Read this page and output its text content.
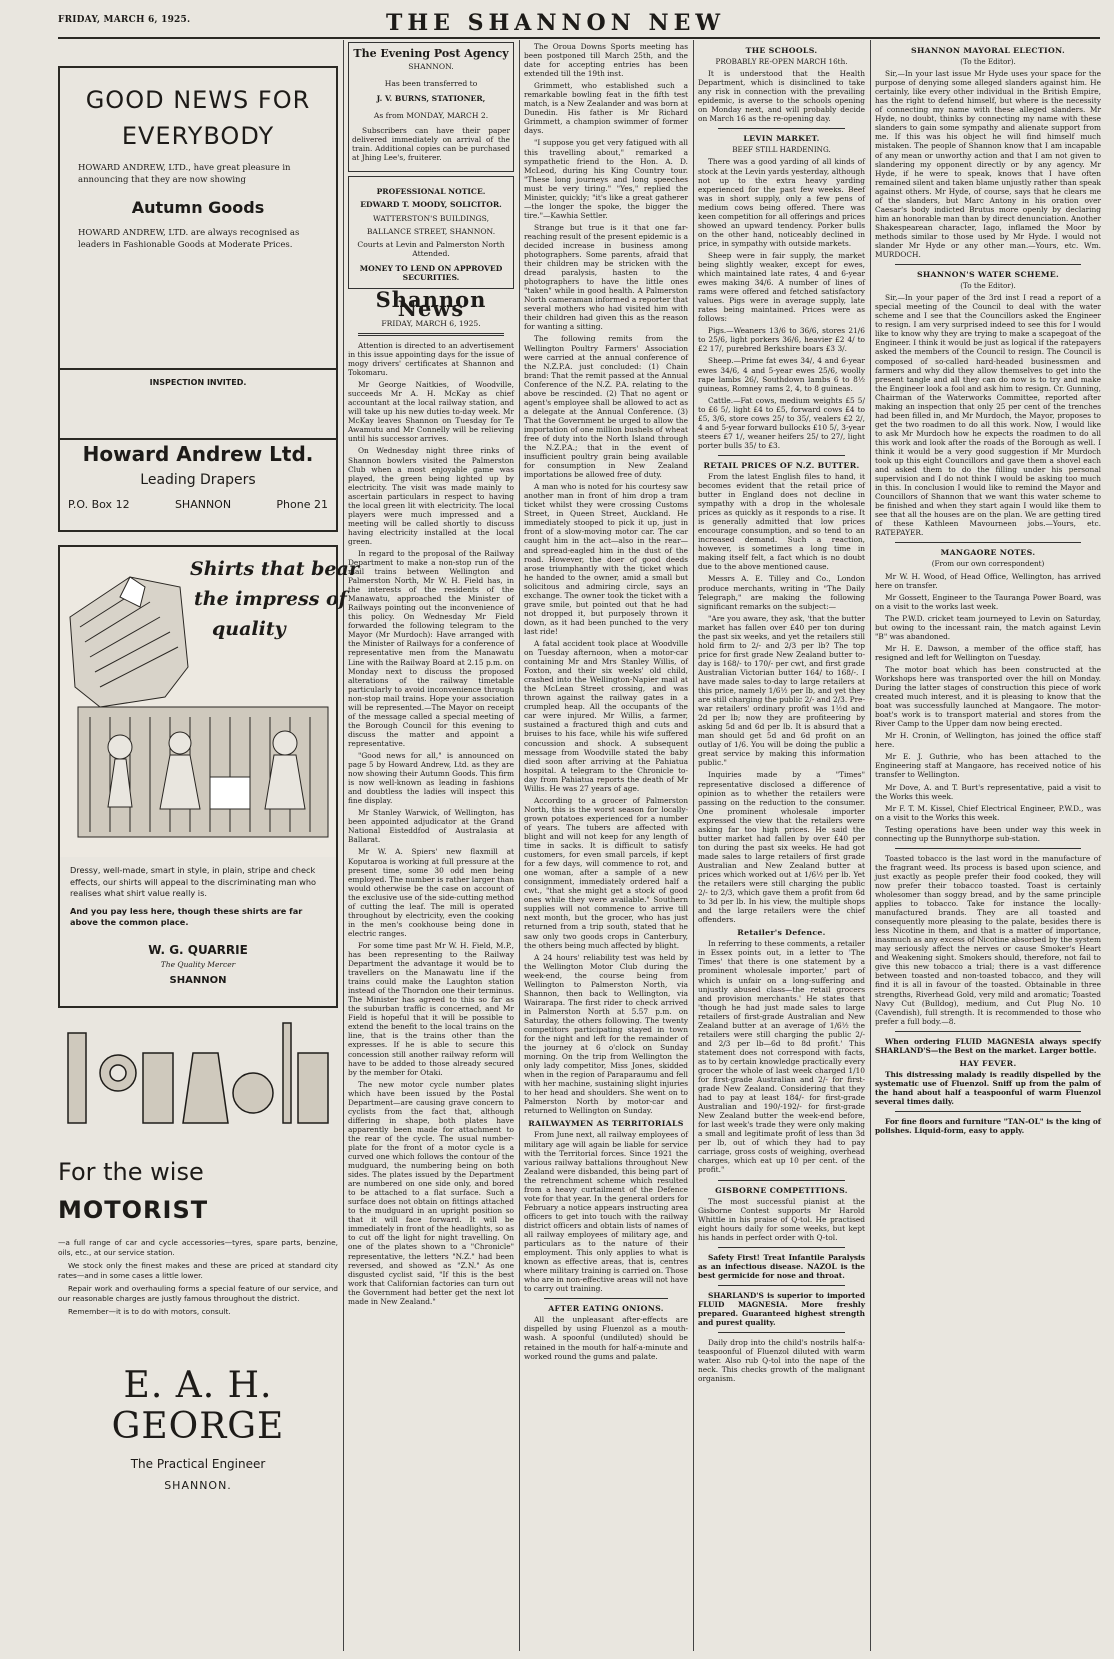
FRIDAY, MARCH 6, 1925.	THE SHANNON NEW
GOOD NEWS FOR
EVERYBODY
HOWARD ANDREW, LTD., have great pleasure in announcing that they are now showing
Autumn Goods
HOWARD ANDREW, LTD. are always recognised as leaders in Fashionable Goods at Moderate Prices.
INSPECTION INVITED.
Howard Andrew Ltd.
Leading Drapers
P.O. Box 12	SHANNON	Phone 21
Shirts that bear
the impress of
quality
Dressy, well-made, smart in style, in plain, stripe and check effects, our shirts will appeal to the discriminating man who realises what shirt value really is.
And you pay less here, though these shirts are far above the common place.
W. G. QUARRIE
The Quality Mercer
SHANNON
For the wise
MOTORIST

—a full range of car and cycle accessories—tyres, spare parts, benzine, oils, etc., at our service station.

We stock only the finest makes and these are priced at standard city rates—and in some cases a little lower.

Repair work and overhauling forms a special feature of our service, and our reasonable charges are justly famous throughout the district.

Remember—it is to do with motors, consult.

E. A. H. GEORGE
The Practical Engineer
SHANNON.
The Evening Post Agency
SHANNON.
Has been transferred to
J. V. BURNS, STATIONER,
As from MONDAY, MARCH 2.

Subscribers can have their paper delivered immediately on arrival of the train. Additional copies can be purchased at Jhing Lee's, fruiterer.

PROFESSIONAL NOTICE.
EDWARD T. MOODY, SOLICITOR.
WATTERSTON'S BUILDINGS,
BALLANCE STREET, SHANNON.
Courts at Levin and Palmerston North Attended.
MONEY TO LEND ON APPROVED SECURITIES.
Shannon News
FRIDAY, MARCH 6, 1925.

Attention is directed to an advertisement in this issue appointing days for the issue of mogy drivers' certificates at Shannon and Tokomaru.

Mr George Naitkies, of Woodville, succeeds Mr A. H. McKay as chief accountant at the local railway station, and will take up his new duties to-day week. Mr McKay leaves Shannon on Tuesday for Te Awamutu and Mr Connelly will be relieving until his successor arrives.

On Wednesday night three rinks of Shannon bowlers visited the Palmerston Club when a most enjoyable game was played, the green being lighted up by electricity. The visit was made mainly to ascertain particulars in respect to having the local green lit with electricity. The local players were much impressed and a meeting will be called shortly to discuss having electricity installed at the local green.

In regard to the proposal of the Railway Department to make a non-stop run of the mail trains between Wellington and Palmerston North, Mr W. H. Field has, in the interests of the residents of the Manawatu, approached the Minister of Railways pointing out the inconvenience of this policy. On Wednesday Mr Field forwarded the following telegram to the Mayor (Mr Murdoch): Have arranged with the Minister of Railways for a conference of representative men from the Manawatu Line with the Railway Board at 2.15 p.m. on Monday next to discuss the proposed alterations of the railway timetable particularly to avoid inconvenience through non-stop mail trains. Hope your association will be represented.—The Mayor on receipt of the message called a special meeting of the Borough Council for this evening to discuss the matter and appoint a representative.

"Good news for all," is announced on page 5 by Howard Andrew, Ltd. as they are now showing their Autumn Goods. This firm is now well-known as leading in fashions and doubtless the ladies will inspect this fine display.

Mr Stanley Warwick, of Wellington, has been appointed adjudicator at the Grand National Eisteddfod of Australasia at Ballarat.

Mr W. A. Spiers' new flaxmill at Koputaroa is working at full pressure at the present time, some 30 odd men being employed. The number is rather larger than would otherwise be the case on account of the exclusive use of the side-cutting method of cutting the leaf. The mill is operated throughout by electricity, even the cooking in the men's cookhouse being done in electric ranges.

For some time past Mr W. H. Field, M.P., has been representing to the Railway Department the advantage it would be to travellers on the Manawatu line if the trains could make the Laughton station instead of the Thorndon one their terminus. The Minister has agreed to this so far as the suburban traffic is concerned, and Mr Field is hopeful that it will be possible to extend the benefit to the local trains on the line, that is the trains other than the expresses. If he is able to secure this concession still another railway reform will have to be added to those already secured by the member for Otaki.

The new motor cycle number plates which have been issued by the Postal Department—are causing grave concern to cyclists from the fact that, although differing in shape, both plates have apparently been made for attachment to the rear of the cycle. The usual number-plate for the front of a motor cycle is a curved one which follows the contour of the mudguard, the numbering being on both sides. The plates issued by the Department are numbered on one side only, and bored to be attached to a flat surface. Such a surface does not obtain on fittings attached to the mudguard in an upright position so that it will face forward. It will be immediately in front of the headlights, so as to cut off the light for night travelling. On one of the plates shown to a "Chronicle" representative, the letters "N.Z." had been reversed, and showed as "Z.N." As one disgusted cyclist said, "If this is the best work that Californian factories can turn out the Government had better get the next lot made in New Zealand."

The Oroua Downs Sports meeting has been postponed till March 25th, and the date for accepting entries has been extended till the 19th inst.

Grimmett, who established such a remarkable bowling feat in the fifth test match, is a New Zealander and was born at Dunedin. His father is Mr Richard Grimmett, a champion swimmer of former days.

"I suppose you get very fatigued with all this travelling about," remarked a sympathetic friend to the Hon. A. D. McLeod, during his King Country tour. "These long journeys and long speeches must be very tiring." "Yes," replied the Minister, quickly; "it's like a great gatherer—the longer the spoke, the bigger the tire."—Kawhia Settler.

Strange but true is it that one far-reaching result of the present epidemic is a decided increase in business among photographers. Some parents, afraid that their children may be stricken with the dread paralysis, hasten to the photographers to have the little ones "taken" while in good health. A Palmerston North cameraman informed a reporter that several mothers who had visited him with their children had given this as the reason for wanting a sitting.

The following remits from the Wellington Poultry Farmers' Association were carried at the annual conference of the N.Z.P.A. just concluded: (1) Chain brand: That the remit passed at the Annual Conference of the N.Z. P.A. relating to the above be rescinded. (2) That no agent or agent's employee shall be allowed to act as a delegate at the Annual Conference. (3) That the Government be urged to allow the importation of one million bushels of wheat free of duty into the North Island through the N.Z.P.A.; that in the event of insufficient poultry grain being available for consumption in New Zealand importations be allowed free of duty.

A man who is noted for his courtesy saw another man in front of him drop a tram ticket whilst they were crossing Customs Street, in Queen Street, Auckland. He immediately stooped to pick it up, just in front of a slow-moving motor car. The car caught him in the act—also in the rear—and spread-eagled him in the dust of the road. However, the doer of good deeds arose triumphantly with the ticket which he handed to the owner, amid a small but solicitous and admiring circle, says an exchange. The owner took the ticket with a grave smile, but pointed out that he had not dropped it, but purposely thrown it down, as it had been punched to the very last ride!

A fatal accident took place at Woodville on Tuesday afternoon, when a motor-car containing Mr and Mrs Stanley Willis, of Foxton, and their six weeks' old child, crashed into the Wellington-Napier mail at the McLean Street crossing, and was thrown against the railway gates in a crumpled heap. All the occupants of the car were injured. Mr Willis, a farmer, sustained a fractured thigh and cuts and bruises to his face, while his wife suffered concussion and shock. A subsequent message from Woodville stated the baby died soon after arriving at the Pahiatua hospital. A telegram to the Chronicle to-day from Pahiatua reports the death of Mr Willis. He was 27 years of age.

According to a grocer of Palmerston North, this is the worst season for locally-grown potatoes experienced for a number of years. The tubers are affected with blight and will not keep for any length of time in sacks. It is difficult to satisfy customers, for even small parcels, if kept for a few days, will commence to rot, and one woman, after a sample of a new consignment, immediately ordered half a cwt., "that she might get a stock of good ones while they were available." Southern supplies will not commence to arrive till next month, but the grocer, who has just returned from a trip south, stated that he saw only two goods crops in Canterbury, the others being much affected by blight.

A 24 hours' reliability test was held by the Wellington Motor Club during the week-end, the course being from Wellington to Palmerston North, via Shannon, then back to Wellington, via Wairarapa. The first rider to check arrived in Palmerston North at 5.57 p.m. on Saturday, the others following. The twenty competitors participating stayed in town for the night and left for the remainder of the journey at 6 o'clock on Sunday morning. On the trip from Wellington the only lady competitor, Miss Jones, skidded when in the region of Paraparaumu and fell with her machine, sustaining slight injuries to her head and shoulders. She went on to Palmerston North by motor-car and returned to Wellington on Sunday.

RAILWAYMEN AS TERRITORIALS

From June next, all railway employees of military age will again be liable for service with the Territorial forces. Since 1921 the various railway battalions throughout New Zealand were disbanded, this being part of the retrenchment scheme which resulted from a heavy curtailment of the Defence vote for that year. In the general orders for February a notice appears instructing area officers to get into touch with the railway district officers and obtain lists of names of all railway employees of military age, and particulars as to the nature of their employment. This only applies to what is known as effective areas, that is, centres where military training is carried on. Those who are in non-effective areas will not have to carry out training.

AFTER EATING ONIONS.

All the unpleasant after-effects are dispelled by using Fluenzol as a mouth-wash. A spoonful (undiluted) should be retained in the mouth for half-a-minute and worked round the gums and palate.

THE SCHOOLS.
PROBABLY RE-OPEN MARCH 16th.

It is understood that the Health Department, which is disinclined to take any risk in connection with the prevailing epidemic, is averse to the schools opening on Monday next, and will probably decide on March 16 as the re-opening day.

LEVIN MARKET.
BEEF STILL HARDENING.

There was a good yarding of all kinds of stock at the Levin yards yesterday, although not up to the extra heavy yarding experienced for the past few weeks. Beef was in short supply, only a few pens of medium cows being offered. There was keen competition for all offerings and prices showed an upward tendency. Porker bulls on the other hand, noticeably declined in price, in sympathy with outside markets.

Sheep were in fair supply, the market being slightly weaker, except for ewes, which maintained late rates, 4 and 6-year ewes making 34/6. A number of lines of rams were offered and fetched satisfactory values. Pigs were in average supply, late rates being maintained. Prices were as follows:

Pigs.—Weaners 13/6 to 36/6, stores 21/6 to 25/6, light porkers 36/6, heavier £2 4/ to £2 17/, purebred Berkshire boars £3 3/.

Sheep.—Prime fat ewes 34/, 4 and 6-year ewes 34/6, 4 and 5-year ewes 25/6, woolly rape lambs 26/, Southdown lambs 6 to 8½ guineas, Romney rams 2, 4, to 8 guineas.

Cattle.—Fat cows, medium weights £5 5/ to £6 5/, light £4 to £5, forward cows £4 to £5, 3/6, store cows 25/ to 35/, vealers £2 2/, 4 and 5-year forward bullocks £10 5/, 3-year steers £7 1/, weaner heifers 25/ to 27/, light porter bulls 35/ to £3.

RETAIL PRICES OF N.Z. BUTTER.

From the latest English files to hand, it becomes evident that the retail price of butter in England does not decline in sympathy with a drop in the wholesale prices as quickly as it responds to a rise. It is generally admitted that low prices encourage consumption, and so tend to an increased demand. Such a reaction, however, is sometimes a long time in making itself felt, a fact which is no doubt due to the above mentioned cause.

Messrs A. E. Tilley and Co., London produce merchants, writing in "The Daily Telegraph," are making the following significant remarks on the subject:—

"Are you aware, they ask, 'that the butter market has fallen over £40 per ton during the past six weeks, and yet the retailers still hold firm to 2/- and 2/3 per lb? The top price for first grade New Zealand butter to-day is 168/- to 170/- per cwt, and first grade Australian Victorian butter 164/ to 168/-. I have made sales to-day to large retailers at this price, namely 1/6½ per lb, and yet they are still charging the public 2/- and 2/3. Pre-war retailers' ordinary profit was 1½d and 2d per lb; now they are profiteering by asking 5d and 6d per lb. It is absurd that a man should get 5d and 6d profit on an outlay of 1/6. You will be doing the public a great service by making this information public."

Inquiries made by a "Times" representative disclosed a difference of opinion as to whether the retailers were passing on the reduction to the consumer. One prominent wholesale importer expressed the view that the retailers were asking far too high prices. He said the butter market had fallen by over £40 per ton during the past six weeks. He had got made sales to large retailers of first grade Australian and New Zealand butter at prices which worked out at 1/6½ per lb. Yet the retailers were still charging the public 2/- to 2/3, which gave them a profit from 6d to 3d per lb. In his view, the multiple shops and the large retailers were the chief offenders.

Retailer's Defence.

In referring to these comments, a retailer in Essex points out, in a letter to 'The Times' that there is one statement by a prominent wholesale importer,' part of which is unfair on a long-suffering and unjustly abused class—the retail grocers and provision merchants.' He states that 'though he had just made sales to large retailers of first-grade Australian and New Zealand butter at an average of 1/6½ the retailers were still charging the public 2/- and 2/3 per lb—6d to 8d profit.' This statement does not correspond with facts, as to by certain knowledge practically every grocer the whole of last week charged 1/10 for first-grade Australian and 2/- for first-grade New Zealand. Considering that they had to pay at least 184/- for first-grade Australian and 190/-192/- for first-grade New Zealand butter the week-end before, for last week's trade they were only making a small and legitimate profit of less than 3d per lb, out of which they had to pay carriage, gross costs of weighing, overhead charges, which eat up 10 per cent. of the profit."

GISBORNE COMPETITIONS.

The most successful pianist at the Gisborne Contest supports Mr Harold Whittle in his praise of Q-tol. He practised eight hours daily for some weeks, but kept his hands in perfect order with Q-tol.

Safety First! Treat Infantile Paralysis as an infectious disease. NAZOL is the best germicide for nose and throat.

SHARLAND'S is superior to imported FLUID MAGNESIA. More freshly prepared. Guaranteed highest strength and purest quality.

Daily drop into the child's nostrils half-a-teaspoonful of Fluenzol diluted with warm water. Also rub Q-tol into the nape of the neck. This checks growth of the malignant organism.

SHANNON MAYORAL ELECTION.
(To the Editor).

Sir,—In your last issue Mr Hyde uses your space for the purpose of denying some alleged slanders against him. He certainly, like every other individual in the British Empire, has the right to defend himself, but where is the necessity of connecting my name with these alleged slanders. Mr Hyde, no doubt, thinks by connecting my name with these slanders to gain some sympathy and alienate support from me. If this was his object he will find himself much mistaken. The people of Shannon know that I am incapable of any mean or unworthy action and that I am not given to slandering my opponent directly or by any agency. Mr Hyde, if he were to speak, knows that I have often remained silent and taken blame unjustly rather than speak against others. Mr Hyde, of course, says that he clears me of the slanders, but Marc Antony in his oration over Caesar's body indicted Brutus more openly by declaring him an honorable man than by direct denunciation. Another Shakespearean character, Iago, inflamed the Moor by methods similar to those used by Mr Hyde. I would not slander Mr Hyde or any other man.—Yours, etc. Wm. MURDOCH.

SHANNON'S WATER SCHEME.
(To the Editor).

Sir,—In your paper of the 3rd inst I read a report of a special meeting of the Council to deal with the water scheme and I see that the Councillors asked the Engineer to resign. I am very surprised indeed to see this for I would like to know why they are trying to make a scapegoat of the Engineer. I think it would be just as logical if the ratepayers asked the members of the Council to resign. The Council is composed of so-called hard-headed businessmen and farmers and why did they allow themselves to get into the present tangle and all they can do now is to try and make the Engineer look a fool and ask him to resign. Cr. Gunning, Chairman of the Waterworks Committee, reported after making an inspection that only 25 per cent of the trenches had been filled in, and Mr Murdoch, the Mayor, proposes to get the two roadmen to do all this work. Now, I would like to ask Mr Murdoch how he expects the roadmen to do all this work and look after the roads of the Borough as well. I think it would be a very good suggestion if Mr Murdoch took up this eight Councillors and gave them a shovel each and asked them to do the filling under his personal supervision and I do not think I would be asking too much in this. In conclusion I would like to remind the Mayor and Councillors of Shannon that we want this water scheme to be finished and when they start again I would like them to see that all the houses are on the plan. We are getting tired of these Kathleen Mavourneen jobs.—Yours, etc. RATEPAYER.

MANGAORE NOTES.
(From our own correspondent)

Mr W. H. Wood, of Head Office, Wellington, has arrived here on transfer.

Mr Gossett, Engineer to the Tauranga Power Board, was on a visit to the works last week.

The P.W.D. cricket team journeyed to Levin on Saturday, but owing to the incessant rain, the match against Levin "B" was abandoned.

Mr H. E. Dawson, a member of the office staff, has resigned and left for Wellington on Tuesday.

The motor boat which has been constructed at the Workshops here was transported over the hill on Monday. During the latter stages of construction this piece of work created much interest, and it is pleasing to know that the boat was successfully launched at Mangaore. The motor-boat's work is to transport material and stores from the River Camp to the Upper dam now being erected.

Mr H. Cronin, of Wellington, has joined the office staff here.

Mr E. J. Guthrie, who has been attached to the Engineering staff at Mangaore, has received notice of his transfer to Wellington.

Mr Dove, A. and T. Burt's representative, paid a visit to the Works this week.

Mr F. T. M. Kissel, Chief Electrical Engineer, P.W.D., was on a visit to the Works this week.

Testing operations have been under way this week in connecting up the Bunnythorpe sub-station.

Toasted tobacco is the last word in the manufacture of the fragrant weed. Its process is based upon science, and just exactly as people prefer their food cooked, they will now prefer their tobacco toasted. Toast is certainly wholesomer than soggy bread, and by the same principle applies to tobacco. Take for instance the locally-manufactured brands. They are all toasted and consequently more pleasing to the palate, besides there is less Nicotine in them, and that is a matter of importance, inasmuch as any excess of Nicotine absorbed by the system may seriously affect the nerves or cause Smoker's Heart and Weakening sight. Smokers should, therefore, not fail to give this new tobacco a trial; there is a vast difference between toasted and non-toasted tobacco, and they will find it is all in favour of the toasted. Obtainable in three strengths, Riverhead Gold, very mild and aromatic; Toasted Navy Cut (Bulldog), medium, and Cut Plug No. 10 (Cavendish), full strength. It is recommended to those who prefer a full body.—8.

When ordering FLUID MAGNESIA always specify SHARLAND'S—the Best on the market. Larger bottle.

HAY FEVER.

This distressing malady is readily dispelled by the systematic use of Fluenzol. Sniff up from the palm of the hand about half a teaspoonful of warm Fluenzol several times daily.

For fine floors and furniture "TAN-OL" is the king of polishes. Liquid-form, easy to apply.
